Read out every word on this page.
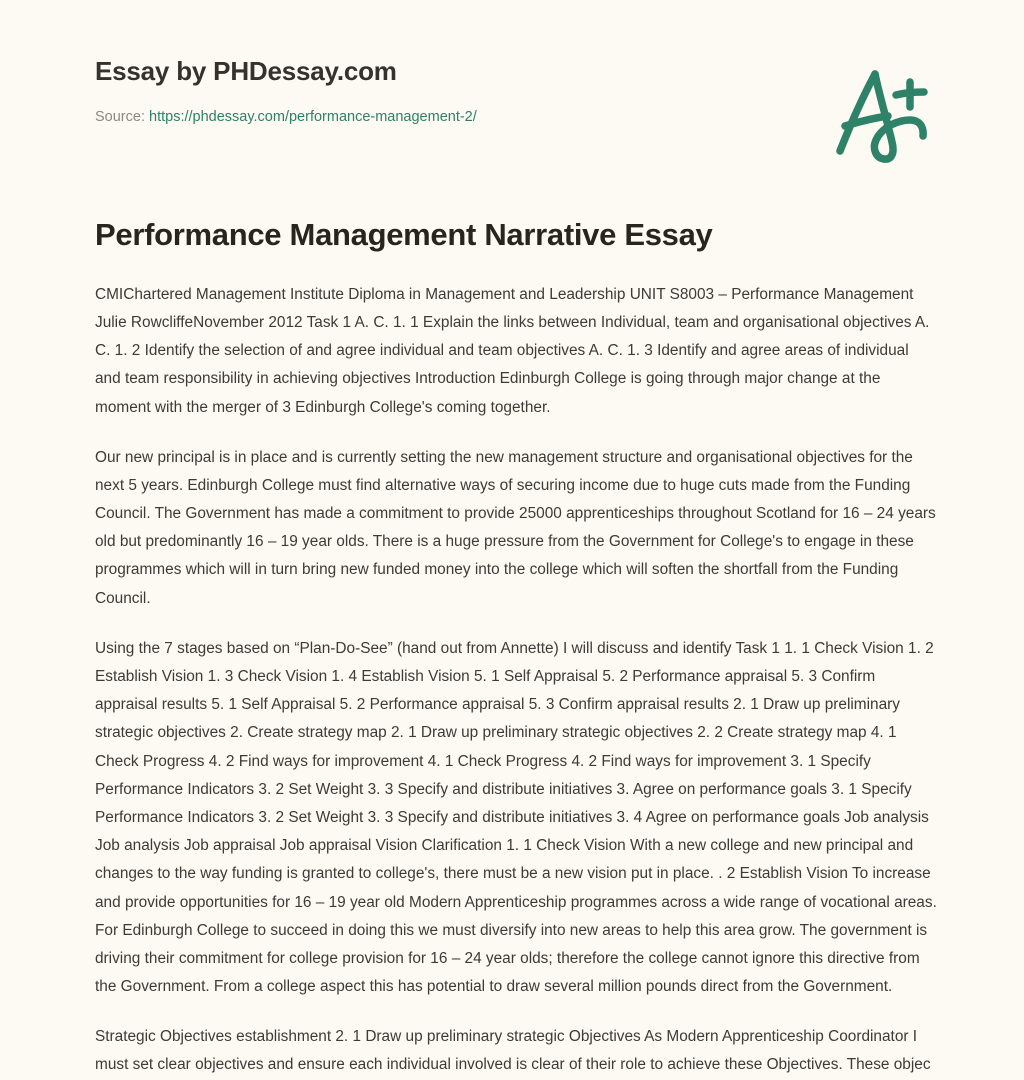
Essay by PHDessay.com
Source: https://phdessay.com/performance-management-2/
Performance Management Narrative Essay

CMIChartered Management Institute Diploma in Management and Leadership UNIT S8003 – Performance Management Julie RowcliffeNovember 2012 Task 1 A. C. 1. 1 Explain the links between Individual, team and organisational objectives A. C. 1. 2 Identify the selection of and agree individual and team objectives A. C. 1. 3 Identify and agree areas of individual and team responsibility in achieving objectives Introduction Edinburgh College is going through major change at the moment with the merger of 3 Edinburgh College's coming together.

Our new principal is in place and is currently setting the new management structure and organisational objectives for the next 5 years. Edinburgh College must find alternative ways of securing income due to huge cuts made from the Funding Council. The Government has made a commitment to provide 25000 apprenticeships throughout Scotland for 16 – 24 years old but predominantly 16 – 19 year olds. There is a huge pressure from the Government for College's to engage in these programmes which will in turn bring new funded money into the college which will soften the shortfall from the Funding Council.

Using the 7 stages based on “Plan-Do-See” (hand out from Annette) I will discuss and identify Task 1 1. 1 Check Vision 1. 2 Establish Vision 1. 3 Check Vision 1. 4 Establish Vision 5. 1 Self Appraisal 5. 2 Performance appraisal 5. 3 Confirm appraisal results 5. 1 Self Appraisal 5. 2 Performance appraisal 5. 3 Confirm appraisal results 2. 1 Draw up preliminary strategic objectives 2. Create strategy map 2. 1 Draw up preliminary strategic objectives 2. 2 Create strategy map 4. 1 Check Progress 4. 2 Find ways for improvement 4. 1 Check Progress 4. 2 Find ways for improvement 3. 1 Specify Performance Indicators 3. 2 Set Weight 3. 3 Specify and distribute initiatives 3. Agree on performance goals 3. 1 Specify Performance Indicators 3. 2 Set Weight 3. 3 Specify and distribute initiatives 3. 4 Agree on performance goals Job analysis Job analysis Job appraisal Job appraisal Vision Clarification 1. 1 Check Vision With a new college and new principal and changes to the way funding is granted to college's, there must be a new vision put in place. . 2 Establish Vision To increase and provide opportunities for 16 – 19 year old Modern Apprenticeship programmes across a wide range of vocational areas. For Edinburgh College to succeed in doing this we must diversify into new areas to help this area grow. The government is driving their commitment for college provision for 16 – 24 year olds; therefore the college cannot ignore this directive from the Government. From a college aspect this has potential to draw several million pounds direct from the Government.

Strategic Objectives establishment 2. 1 Draw up preliminary strategic Objectives As Modern Apprenticeship Coordinator I must set clear objectives and ensure each individual involved is clear of their role to achieve these Objectives. These objec
